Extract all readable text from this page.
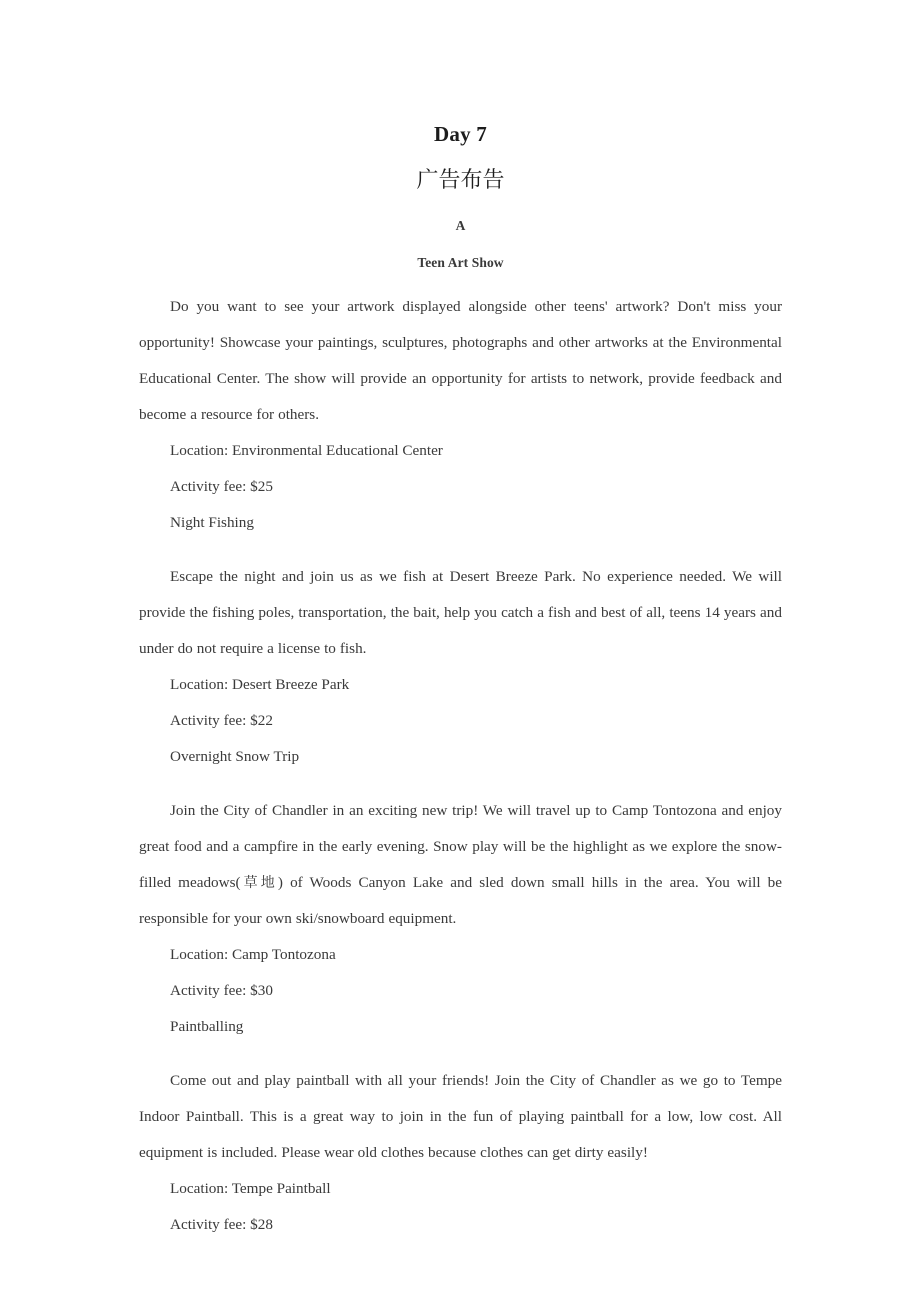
Day 7
广告布告
A
Teen Art Show

Do you want to see your artwork displayed alongside other teens' artwork? Don't miss your opportunity! Showcase your paintings, sculptures, photographs and other artworks at the Environmental Educational Center. The show will provide an opportunity for artists to network, provide feedback and become a resource for others.

Location: Environmental Educational Center

Activity fee: $25

Night Fishing

Escape the night and join us as we fish at Desert Breeze Park. No experience needed. We will provide the fishing poles, transportation, the bait, help you catch a fish and best of all, teens 14 years and under do not require a license to fish.

Location: Desert Breeze Park

Activity fee: $22

Overnight Snow Trip

Join the City of Chandler in an exciting new trip! We will travel up to Camp Tontozona and enjoy great food and a campfire in the early evening. Snow play will be the highlight as we explore the snow-filled meadows(草地) of Woods Canyon Lake and sled down small hills in the area. You will be responsible for your own ski/snowboard equipment.

Location: Camp Tontozona

Activity fee: $30

Paintballing

Come out and play paintball with all your friends! Join the City of Chandler as we go to Tempe Indoor Paintball. This is a great way to join in the fun of playing paintball for a low, low cost. All equipment is included. Please wear old clothes because clothes can get dirty easily!

Location: Tempe Paintball

Activity fee: $28
